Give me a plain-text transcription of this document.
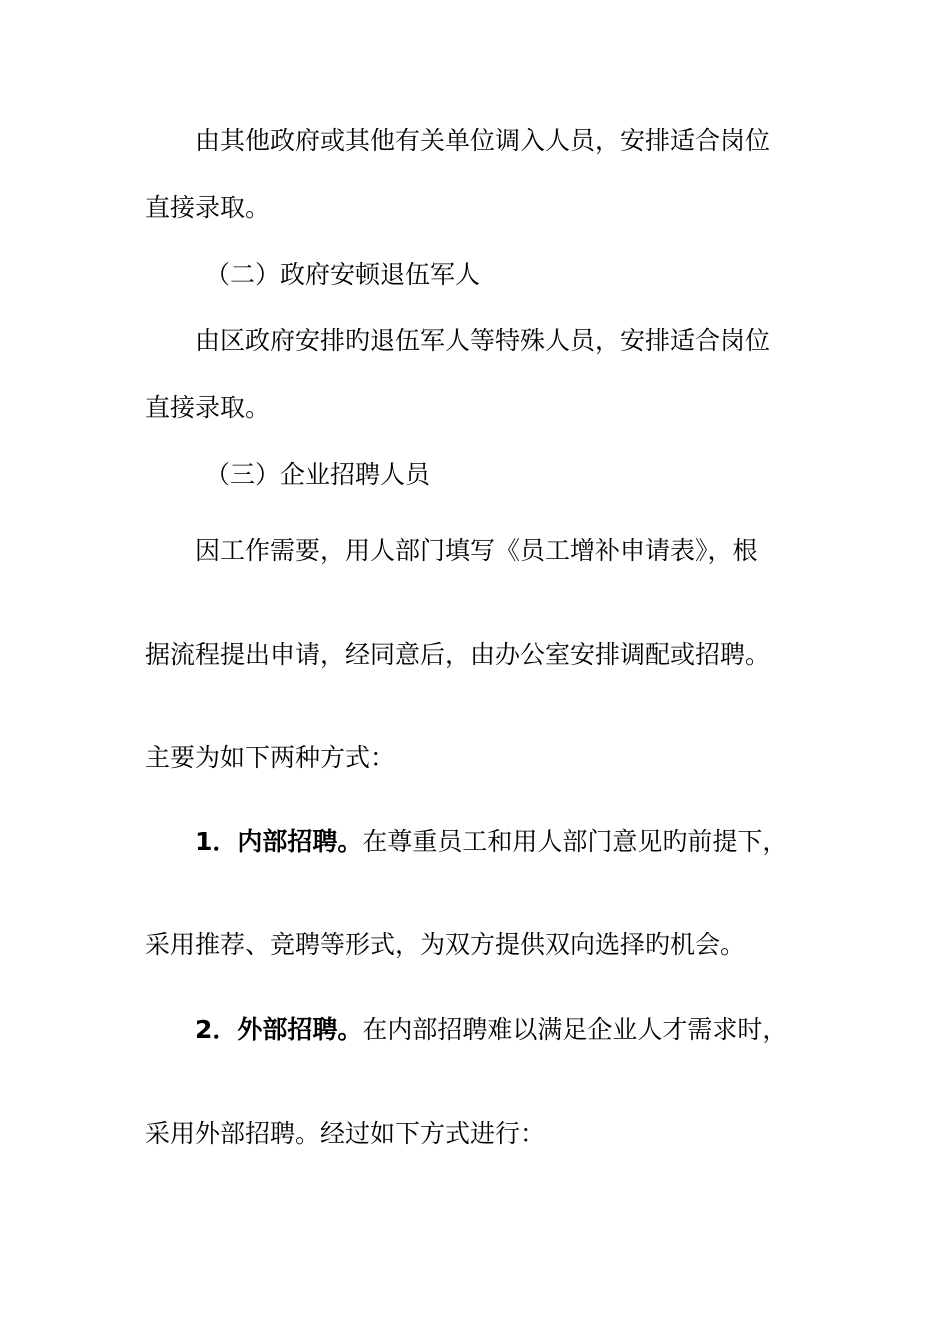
由其他政府或其他有关单位调入人员，安排适合岗位

直接录取。

（二）政府安顿退伍军人

由区政府安排旳退伍军人等特殊人员，安排适合岗位

直接录取。

（三）企业招聘人员

因工作需要，用人部门填写《员工增补申请表》，根

据流程提出申请，经同意后，由办公室安排调配或招聘。

主要为如下两种方式：

1．内部招聘。在尊重员工和用人部门意见旳前提下，

采用推荐、竞聘等形式，为双方提供双向选择旳机会。

2．外部招聘。在内部招聘难以满足企业人才需求时，

采用外部招聘。经过如下方式进行：
